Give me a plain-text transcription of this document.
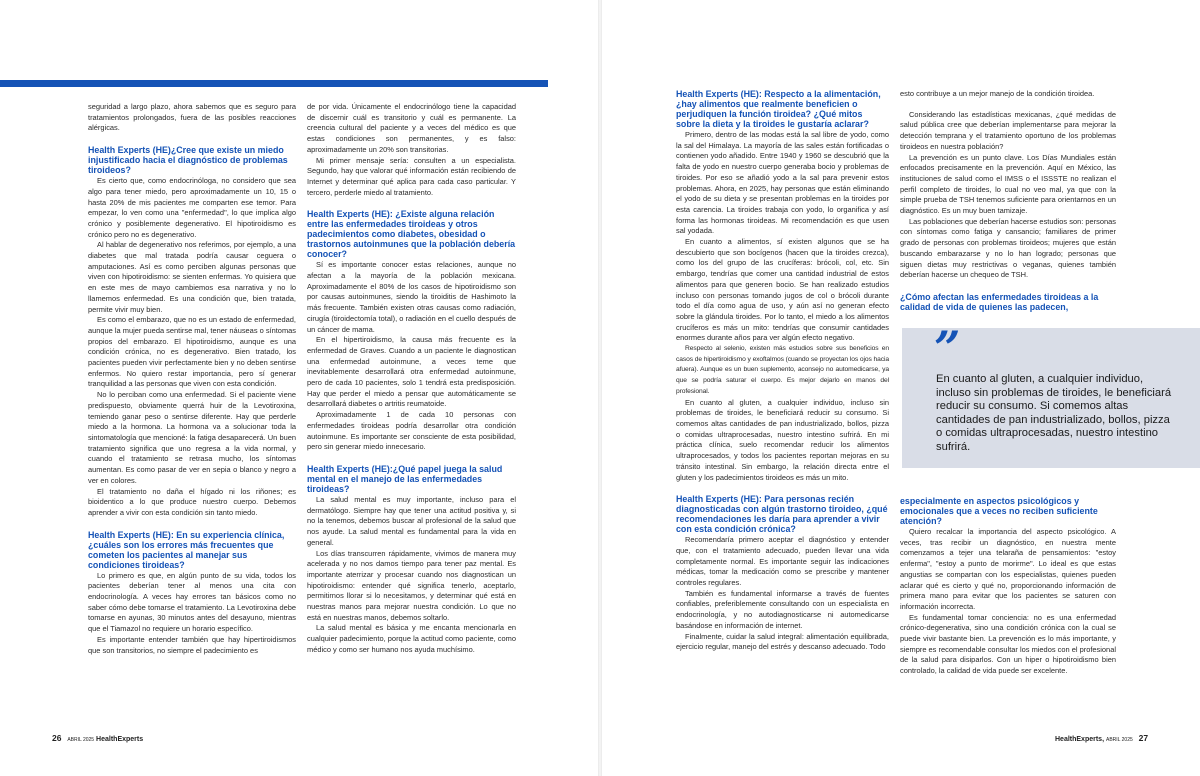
seguridad a largo plazo, ahora sabemos que es seguro para tratamientos prolongados, fuera de las posibles reacciones alérgicas.

Health Experts (HE)¿Cree que existe un miedo injustificado hacia el diagnóstico de problemas tiroideos?

Es cierto que, como endocrinóloga, no considero que sea algo para tener miedo, pero aproximadamente un 10, 15 o hasta 20% de mis pacientes me comparten ese temor. Para empezar, lo ven como una "enfermedad", lo que implica algo crónico y posiblemente degenerativo. El hipotiroidismo es crónico pero no es degenerativo.

Al hablar de degenerativo nos referimos, por ejemplo, a una diabetes que mal tratada podría causar ceguera o amputaciones. Así es como perciben algunas personas que viven con hipotiroidismo: se sienten enfermas. Yo quisiera que en este mes de mayo cambiemos esa narrativa y no lo llamemos enfermedad. Es una condición que, bien tratada, permite vivir muy bien.

Es como el embarazo, que no es un estado de enfermedad, aunque la mujer pueda sentirse mal, tener náuseas o síntomas propios del embarazo. El hipotiroidismo, aunque es una condición crónica, no es degenerativo. Bien tratado, los pacientes pueden vivir perfectamente bien y no deben sentirse enfermos. No quiero restar importancia, pero sí generar tranquilidad a las personas que viven con esta condición.

No lo perciban como una enfermedad. Si el paciente viene predispuesto, obviamente querrá huir de la Levotiroxina, temiendo ganar peso o sentirse diferente. Hay que perderle miedo a la hormona. La hormona va a solucionar toda la sintomatología que mencioné: la fatiga desaparecerá. Un buen tratamiento significa que uno regresa a la vida normal, y cuando el tratamiento se retrasa mucho, los síntomas aumentan. Es como pasar de ver en sepia o blanco y negro a ver en colores.

El tratamiento no daña el hígado ni los riñones; es bioidentico a lo que produce nuestro cuerpo. Debemos aprender a vivir con esta condición sin tanto miedo.

Health Experts (HE): En su experiencia clínica, ¿cuáles son los errores más frecuentes que cometen los pacientes al manejar sus condiciones tiroideas?

Lo primero es que, en algún punto de su vida, todos los pacientes deberían tener al menos una cita con endocrinología. A veces hay errores tan básicos como no saber cómo debe tomarse el tratamiento. La Levotiroxina debe tomarse en ayunas, 30 minutos antes del desayuno, mientras que el Tiamazol no requiere un horario específico.

Es importante entender también que hay hipertiroidismos que son transitorios, no siempre el padecimiento es

de por vida. Únicamente el endocrinólogo tiene la capacidad de discernir cuál es transitorio y cuál es permanente. La creencia cultural del paciente y a veces del médico es que estas condiciones son permanentes, y es falso: aproximadamente un 20% son transitorias.

Mi primer mensaje sería: consulten a un especialista. Segundo, hay que valorar qué información están recibiendo de Internet y determinar qué aplica para cada caso particular. Y tercero, perderle miedo al tratamiento.

Health Experts (HE): ¿Existe alguna relación entre las enfermedades tiroideas y otros padecimientos como diabetes, obesidad o trastornos autoinmunes que la población debería conocer?

Sí es importante conocer estas relaciones, aunque no afectan a la mayoría de la población mexicana. Aproximadamente el 80% de los casos de hipotiroidismo son por causas autoinmunes, siendo la tiroiditis de Hashimoto la más frecuente. También existen otras causas como radiación, cirugía (tiroidectomía total), o radiación en el cuello después de un cáncer de mama.

En el hipertiroidismo, la causa más frecuente es la enfermedad de Graves. Cuando a un paciente le diagnostican una enfermedad autoinmune, a veces teme que inevitablemente desarrollará otra enfermedad autoinmune, pero de cada 10 pacientes, solo 1 tendrá esta predisposición. Hay que perder el miedo a pensar que automáticamente se desarrollará diabetes o artritis reumatoide.

Aproximadamente 1 de cada 10 personas con enfermedades tiroideas podría desarrollar otra condición autoinmune. Es importante ser consciente de esta posibilidad, pero sin generar miedo innecesario.

Health Experts (HE):¿Qué papel juega la salud mental en el manejo de las enfermedades tiroideas?

La salud mental es muy importante, incluso para el dermatólogo. Siempre hay que tener una actitud positiva y, si no la tenemos, debemos buscar al profesional de la salud que nos ayude. La salud mental es fundamental para la vida en general.

Los días transcurren rápidamente, vivimos de manera muy acelerada y no nos damos tiempo para tener paz mental. Es importante aterrizar y procesar cuando nos diagnostican un hipotiroidismo: entender qué significa tenerlo, aceptarlo, permitirnos llorar si lo necesitamos, y determinar qué está en nuestras manos para mejorar nuestra condición. Lo que no está en nuestras manos, debemos soltarlo.

La salud mental es básica y me encanta mencionarla en cualquier padecimiento, porque la actitud como paciente, como médico y como ser humano nos ayuda muchísimo.

Health Experts (HE): Respecto a la alimentación, ¿hay alimentos que realmente beneficien o perjudiquen la función tiroidea? ¿Qué mitos sobre la dieta y la tiroides le gustaría aclarar?

Primero, dentro de las modas está la sal libre de yodo, como la sal del Himalaya. La mayoría de las sales están fortificadas o contienen yodo añadido. Entre 1940 y 1960 se descubrió que la falta de yodo en nuestro cuerpo generaba bocio y problemas de tiroides. Por eso se añadió yodo a la sal para prevenir estos problemas. Ahora, en 2025, hay personas que están eliminando el yodo de su dieta y se presentan problemas en la tiroides por esta carencia. La tiroides trabaja con yodo, lo organifica y así forma las hormonas tiroideas. Mi recomendación es que usen sal yodada.

En cuanto a alimentos, sí existen algunos que se ha descubierto que son bocígenos (hacen que la tiroides crezca), como los del grupo de las crucíferas: brócoli, col, etc. Sin embargo, tendrías que comer una cantidad industrial de estos alimentos para que generen bocio. Se han realizado estudios incluso con personas tomando jugos de col o brócoli durante todo el día como agua de uso, y aún así no generan efecto sobre la glándula tiroides. Por lo tanto, el miedo a los alimentos crucíferos es más un mito: tendrías que consumir cantidades enormes durante años para ver algún efecto negativo.

Respecto al selenio, existen más estudios sobre sus beneficios en casos de hipertiroidismo y exoftalmos (cuando se proyectan los ojos hacia afuera). Aunque es un buen suplemento, aconsejo no automedicarse, ya que se podría saturar el cuerpo. Es mejor dejarlo en manos del profesional.

En cuanto al gluten, a cualquier individuo, incluso sin problemas de tiroides, le beneficiará reducir su consumo. Si comemos altas cantidades de pan industrializado, bollos, pizza o comidas ultraprocesadas, nuestro intestino sufrirá. En mi práctica clínica, suelo recomendar reducir los alimentos ultraprocesados, y todos los pacientes reportan mejoras en su tránsito intestinal. Sin embargo, la relación directa entre el gluten y los padecimientos tiroideos es más un mito.

Health Experts (HE): Para personas recién diagnosticadas con algún trastorno tiroideo, ¿qué recomendaciones les daría para aprender a vivir con esta condición crónica?

Recomendaría primero aceptar el diagnóstico y entender que, con el tratamiento adecuado, pueden llevar una vida completamente normal. Es importante seguir las indicaciones médicas, tomar la medicación como se prescribe y mantener controles regulares.

También es fundamental informarse a través de fuentes confiables, preferiblemente consultando con un especialista en endocrinología, y no autodiagnosticarse ni automedicarse basándose en información de internet.

Finalmente, cuidar la salud integral: alimentación equilibrada, ejercicio regular, manejo del estrés y descanso adecuado. Todo

esto contribuye a un mejor manejo de la condición tiroidea.

Considerando las estadísticas mexicanas, ¿qué medidas de salud pública cree que deberían implementarse para mejorar la detección temprana y el tratamiento oportuno de los problemas tiroideos en nuestra población?

La prevención es un punto clave. Los Días Mundiales están enfocados precisamente en la prevención. Aquí en México, las instituciones de salud como el IMSS o el ISSSTE no realizan el perfil completo de tiroides, lo cual no veo mal, ya que con la simple prueba de TSH tenemos suficiente para orientarnos en un diagnóstico. Es un muy buen tamizaje.

Las poblaciones que deberían hacerse estudios son: personas con síntomas como fatiga y cansancio; familiares de primer grado de personas con problemas tiroideos; mujeres que están buscando embarazarse y no lo han logrado; personas que siguen dietas muy restrictivas o veganas, quienes también deberían hacerse un chequeo de TSH.

¿Cómo afectan las enfermedades tiroideas a la calidad de vida de quienes las padecen,
”
En cuanto al gluten, a cualquier individuo, incluso sin problemas de tiroides, le beneficiará reducir su consumo. Si comemos altas cantidades de pan industrializado, bollos, pizza o comidas ultraprocesadas, nuestro intestino sufrirá.
especialmente en aspectos psicológicos y emocionales que a veces no reciben suficiente atención?

Quiero recalcar la importancia del aspecto psicológico. A veces, tras recibir un diagnóstico, en nuestra mente comenzamos a tejer una telaraña de pensamientos: "estoy enferma", "estoy a punto de morirme". Lo ideal es que estas angustias se compartan con los especialistas, quienes pueden aclarar qué es cierto y qué no, proporcionando información de primera mano para evitar que los pacientes se saturen con información incorrecta.

Es fundamental tomar conciencia: no es una enfermedad crónico-degenerativa, sino una condición crónica con la cual se puede vivir bastante bien. La prevención es lo más importante, y siempre es recomendable consultar los miedos con el profesional de la salud para disiparlos. Con un hiper o hipotiroidismo bien controlado, la calidad de vida puede ser excelente.

26 ABRIL 2025 HealthExperts	HealthExperts, ABRIL 2025 27
